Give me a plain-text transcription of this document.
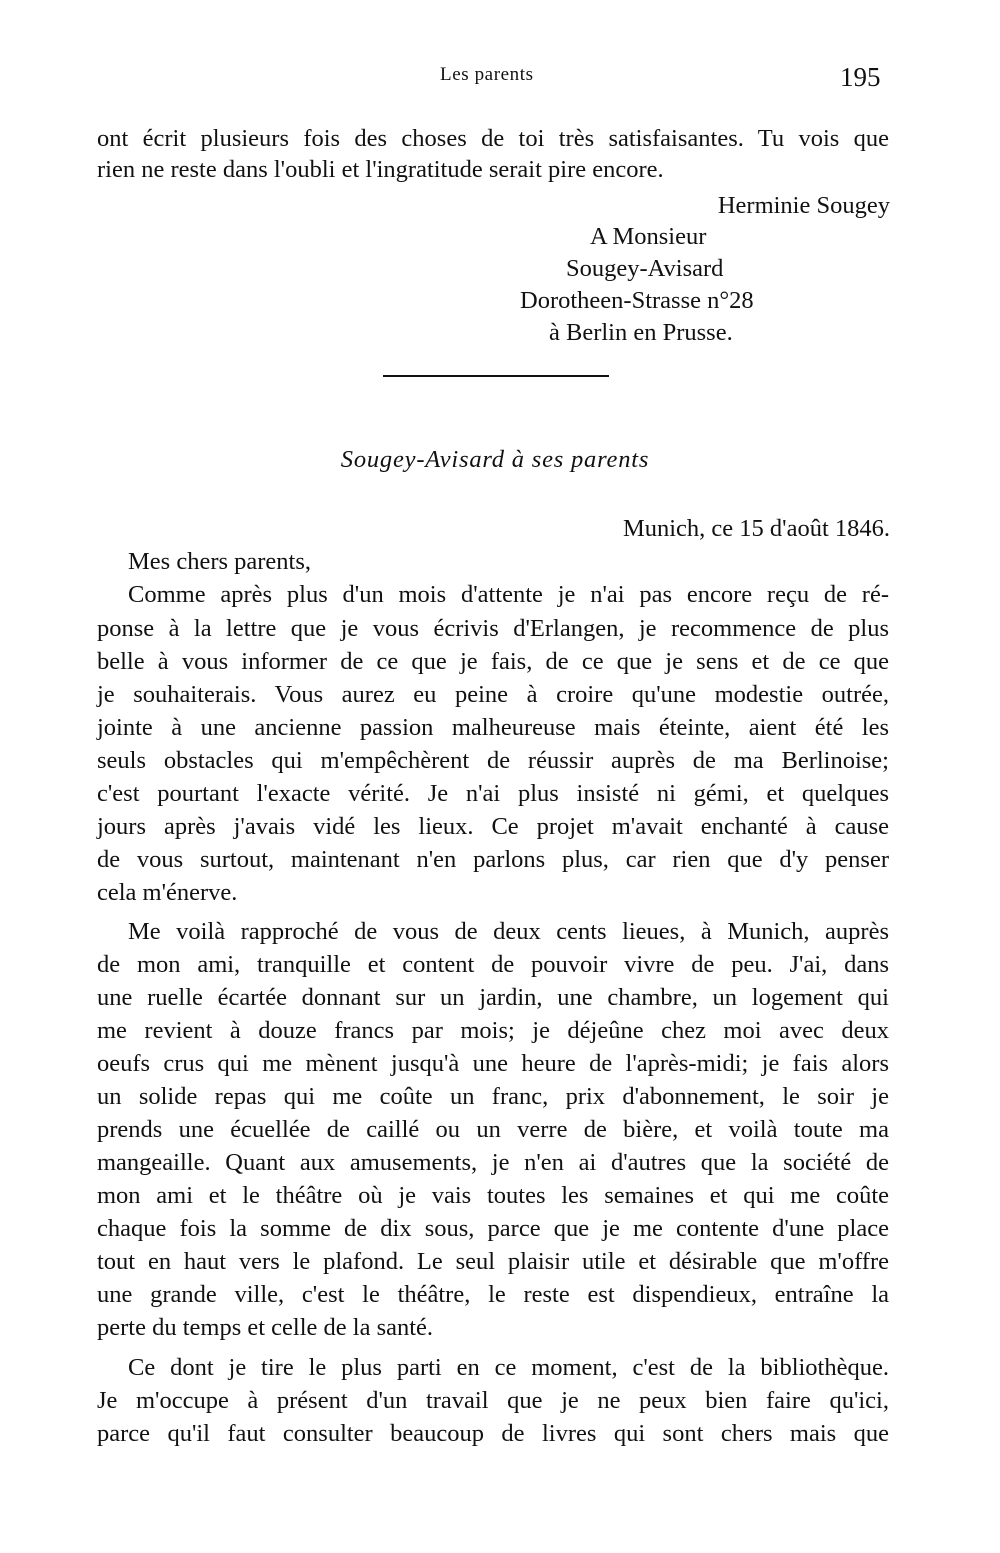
Les parents	195
ont écrit plusieurs fois des choses de toi très satisfaisantes. Tu vois que
rien ne reste dans l'oubli et l'ingratitude serait pire encore.
Herminie Sougey
A Monsieur
Sougey-Avisard
Dorotheen-Strasse n°28
à Berlin en Prusse.
Sougey-Avisard à ses parents
Munich, ce 15 d'août 1846.
Mes chers parents,
Comme après plus d'un mois d'attente je n'ai pas encore reçu de ré-
ponse à la lettre que je vous écrivis d'Erlangen, je recommence de plus
belle à vous informer de ce que je fais, de ce que je sens et de ce que
je souhaiterais. Vous aurez eu peine à croire qu'une modestie outrée,
jointe à une ancienne passion malheureuse mais éteinte, aient été les
seuls obstacles qui m'empêchèrent de réussir auprès de ma Berlinoise;
c'est pourtant l'exacte vérité. Je n'ai plus insisté ni gémi, et quelques
jours après j'avais vidé les lieux. Ce projet m'avait enchanté à cause
de vous surtout, maintenant n'en parlons plus, car rien que d'y penser
cela m'énerve.
Me voilà rapproché de vous de deux cents lieues, à Munich, auprès
de mon ami, tranquille et content de pouvoir vivre de peu. J'ai, dans
une ruelle écartée donnant sur un jardin, une chambre, un logement qui
me revient à douze francs par mois; je déjeûne chez moi avec deux
oeufs crus qui me mènent jusqu'à une heure de l'après-midi; je fais alors
un solide repas qui me coûte un franc, prix d'abonnement, le soir je
prends une écuellée de caillé ou un verre de bière, et voilà toute ma
mangeaille. Quant aux amusements, je n'en ai d'autres que la société de
mon ami et le théâtre où je vais toutes les semaines et qui me coûte
chaque fois la somme de dix sous, parce que je me contente d'une place
tout en haut vers le plafond. Le seul plaisir utile et désirable que m'offre
une grande ville, c'est le théâtre, le reste est dispendieux, entraîne la
perte du temps et celle de la santé.
Ce dont je tire le plus parti en ce moment, c'est de la bibliothèque.
Je m'occupe à présent d'un travail que je ne peux bien faire qu'ici,
parce qu'il faut consulter beaucoup de livres qui sont chers mais que
